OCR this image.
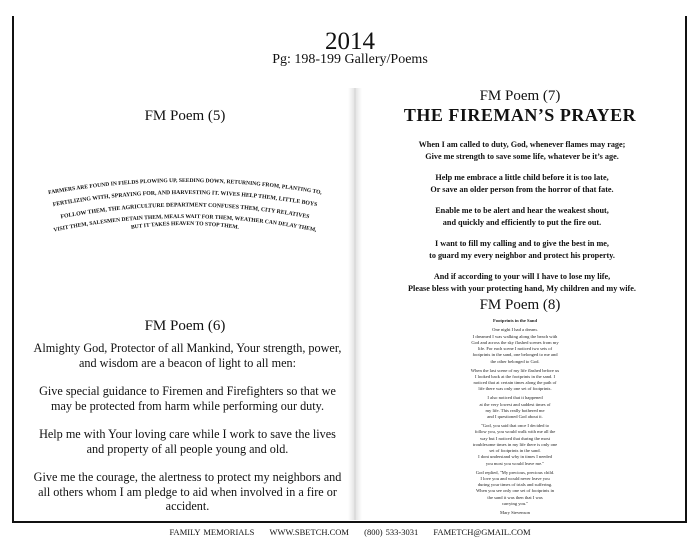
2014
Pg: 198-199 Gallery/Poems
FM Poem (5)
FARMERS ARE FOUND IN FIELDS PLOWING UP, SEEDING DOWN, RETURNING FROM, PLANTING TO,
FERTILIZING WITH, SPRAYING FOR, AND HARVESTING IT. WIVES HELP THEM, LITTLE BOYS
FOLLOW THEM, THE AGRICULTURE DEPARTMENT CONFUSES THEM, CITY RELATIVES
VISIT THEM, SALESMEN DETAIN THEM, MEALS WAIT FOR THEM, WEATHER CAN DELAY THEM,
BUT IT TAKES HEAVEN TO STOP THEM.
FM Poem (6)

Almighty God, Protector of all Mankind, Your strength, power, and wisdom are a beacon of light to all men:

Give special guidance to Firemen and Firefighters so that we may be protected from harm while performing our duty.

Help me with Your loving care while I work to save the lives and property of all people young and old.

Give me the courage, the alertness to protect my neighbors and all others whom I am pledge to aid when involved in a fire or accident.

FM Poem (7)
THE FIREMAN’S PRAYER

When I am called to duty, God, whenever flames may rage;
Give me strength to save some life, whatever be it’s age.

Help me embrace a little child before it is too late,
Or save an older person from the horror of that fate.

Enable me to be alert and hear the weakest shout,
and quickly and efficiently to put the fire out.

I want to fill my calling and to give the best in me,
to guard my every neighbor and protect his property.

And if according to your will I have to lose my life,
Please bless with your protecting hand, My children and my wife.

FM Poem (8)

Footprints in the Sand

One night I had a dream.
I dreamed I was walking along the beach with
God and across the sky flashed scenes from my
life. For each scene I noticed two sets of
footprints in the sand, one belonged to me and
the other belonged to God.

When the last scene of my life flashed before us
I looked back at the footprints in the sand. I
noticed that at certain times along the path of
life there was only one set of footprints.

I also noticed that it happened
at the very lowest and saddest times of
my life. This really bothered me
and I questioned God about it.

"God, you said that once I decided to
follow you, you would walk with me all the
way but I noticed that during the most
troublesome times in my life there is only one
set of footprints in the sand.
I dont understand why in times I needed
you most you would leave me."

God replied, "My precious, precious child.
I love you and would never leave you
during your times of trials and suffering.
When you see only one set of footprints in
the sand it was then that I was
carrying you."

Mary Stevenson

FAMILY MEMORIALS WWW.SBETCH.COM (800) 533-3031 FAMETCH@GMAIL.COM
